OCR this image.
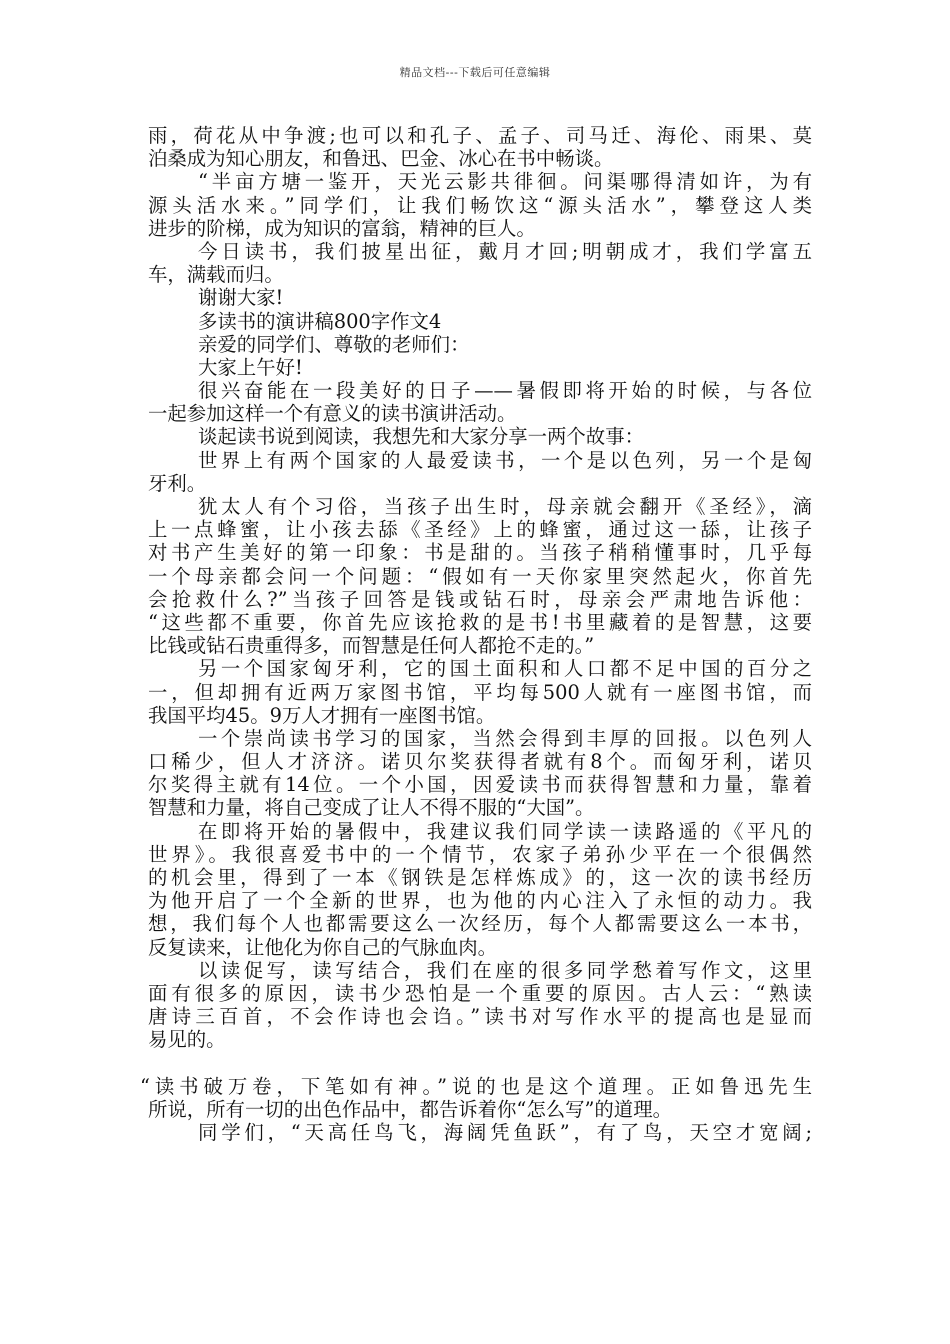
精品文档---下载后可任意编辑
雨，荷花从中争渡;也可以和孔子、孟子、司马迁、海伦、雨果、莫
泊桑成为知心朋友，和鲁迅、巴金、冰心在书中畅谈。
“半亩方塘一鉴开，天光云影共徘徊。问渠哪得清如许，为有
源头活水来。”同学们，让我们畅饮这“源头活水”，攀登这人类
进步的阶梯，成为知识的富翁，精神的巨人。
今日读书，我们披星出征，戴月才回;明朝成才，我们学富五
车，满载而归。
谢谢大家!
多读书的演讲稿800字作文4
亲爱的同学们、尊敬的老师们：
大家上午好!
很兴奋能在一段美好的日子——暑假即将开始的时候，与各位
一起参加这样一个有意义的读书演讲活动。
谈起读书说到阅读，我想先和大家分享一两个故事：
世界上有两个国家的人最爱读书，一个是以色列，另一个是匈
牙利。
犹太人有个习俗，当孩子出生时，母亲就会翻开《圣经》，滴
上一点蜂蜜，让小孩去舔《圣经》上的蜂蜜，通过这一舔，让孩子
对书产生美好的第一印象：书是甜的。当孩子稍稍懂事时，几乎每
一个母亲都会问一个问题：“假如有一天你家里突然起火，你首先
会抢救什么?”当孩子回答是钱或钻石时，母亲会严肃地告诉他：
“这些都不重要，你首先应该抢救的是书!书里藏着的是智慧，这要
比钱或钻石贵重得多，而智慧是任何人都抢不走的。”
另一个国家匈牙利，它的国土面积和人口都不足中国的百分之
一，但却拥有近两万家图书馆，平均每500人就有一座图书馆，而
我国平均45。9万人才拥有一座图书馆。
一个崇尚读书学习的国家，当然会得到丰厚的回报。以色列人
口稀少，但人才济济。诺贝尔奖获得者就有8个。而匈牙利，诺贝
尔奖得主就有14位。一个小国，因爱读书而获得智慧和力量，靠着
智慧和力量，将自己变成了让人不得不服的“大国”。
在即将开始的暑假中，我建议我们同学读一读路遥的《平凡的
世界》。我很喜爱书中的一个情节，农家子弟孙少平在一个很偶然
的机会里，得到了一本《钢铁是怎样炼成》的，这一次的读书经历
为他开启了一个全新的世界，也为他的内心注入了永恒的动力。我
想，我们每个人也都需要这么一次经历，每个人都需要这么一本书，
反复读来，让他化为你自己的气脉血肉。
以读促写，读写结合，我们在座的很多同学愁着写作文，这里
面有很多的原因，读书少恐怕是一个重要的原因。古人云：“熟读
唐诗三百首，不会作诗也会诌。”读书对写作水平的提高也是显而
易见的。
“读书破万卷，下笔如有神。”说的也是这个道理。正如鲁迅先生
所说，所有一切的出色作品中，都告诉着你“怎么写”的道理。
同学们，“天高任鸟飞，海阔凭鱼跃”，有了鸟，天空才宽阔;
